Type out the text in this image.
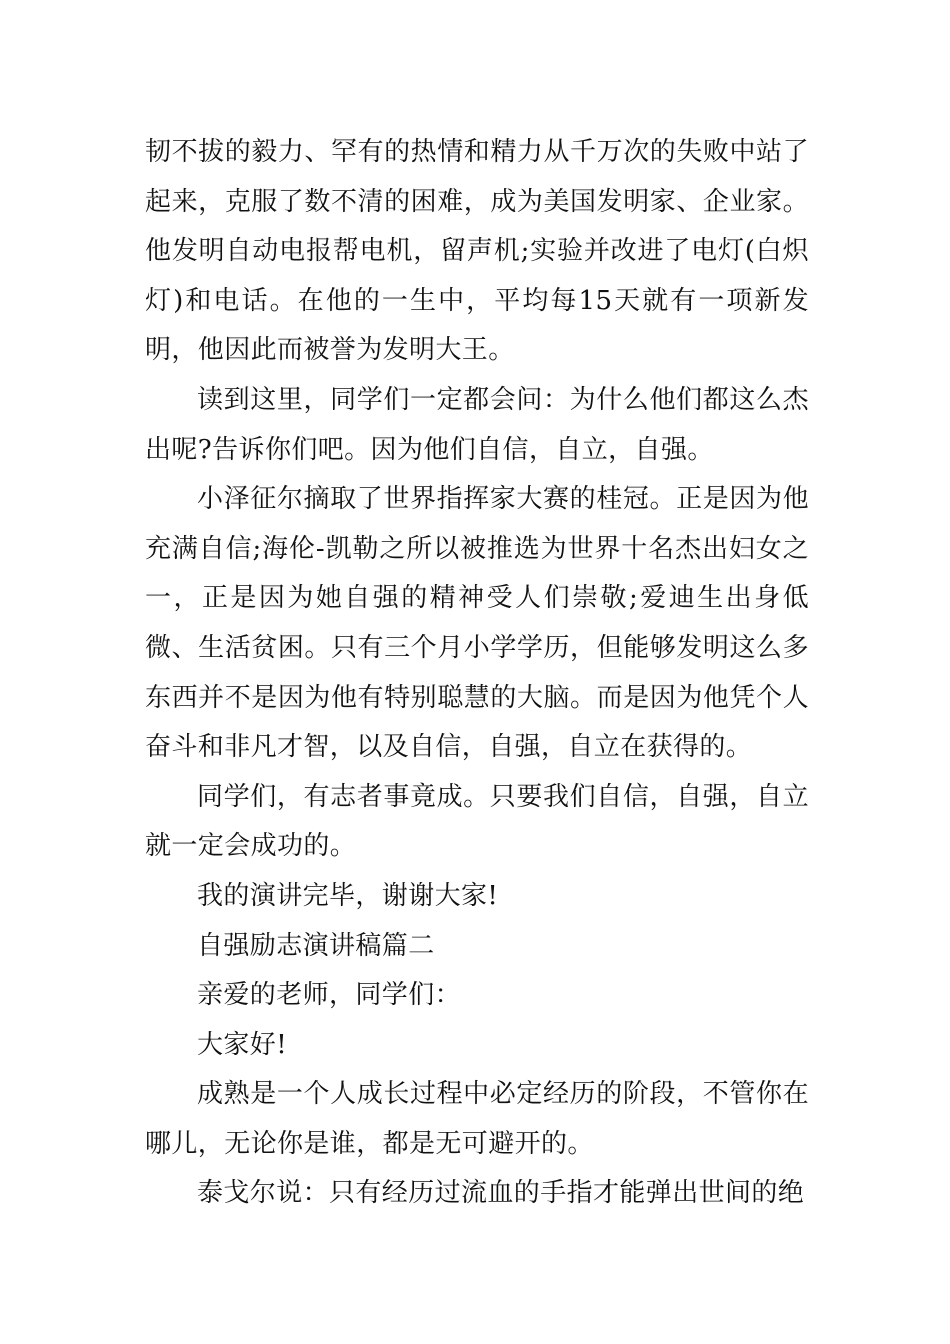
韧不拔的毅力、罕有的热情和精力从千万次的失败中站了起来，克服了数不清的困难，成为美国发明家、企业家。他发明自动电报帮电机，留声机;实验并改进了电灯(白炽灯)和电话。在他的一生中，平均每15天就有一项新发明，他因此而被誉为发明大王。

读到这里，同学们一定都会问：为什么他们都这么杰出呢?告诉你们吧。因为他们自信，自立，自强。

小泽征尔摘取了世界指挥家大赛的桂冠。正是因为他充满自信;海伦-凯勒之所以被推选为世界十名杰出妇女之一，正是因为她自强的精神受人们崇敬;爱迪生出身低微、生活贫困。只有三个月小学学历，但能够发明这么多东西并不是因为他有特别聪慧的大脑。而是因为他凭个人奋斗和非凡才智，以及自信，自强，自立在获得的。

同学们，有志者事竟成。只要我们自信，自强，自立就一定会成功的。

我的演讲完毕，谢谢大家!

自强励志演讲稿篇二

亲爱的老师，同学们：

大家好!

成熟是一个人成长过程中必定经历的阶段，不管你在哪儿，无论你是谁，都是无可避开的。

泰戈尔说：只有经历过流血的手指才能弹出世间的绝
